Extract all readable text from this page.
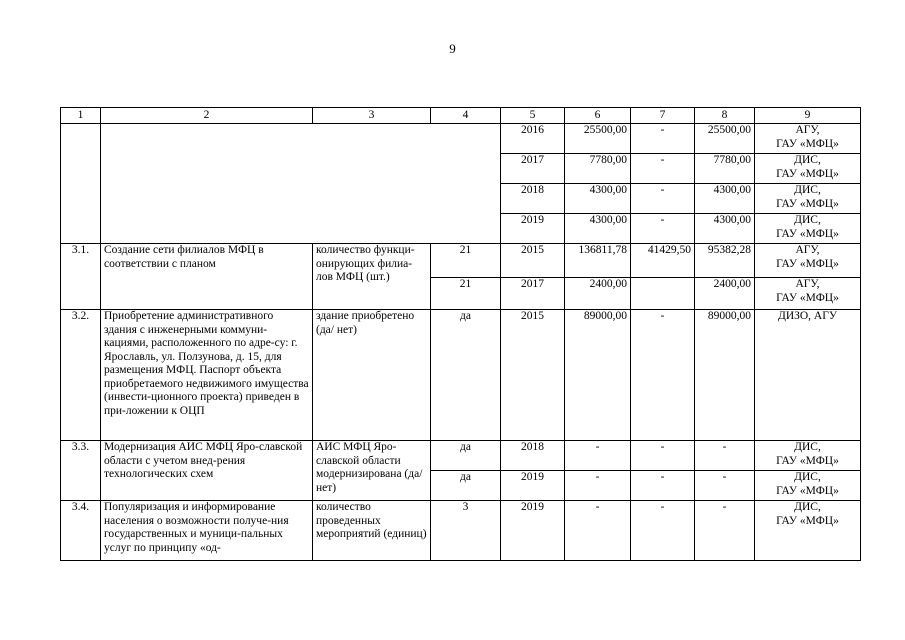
9
1	2	3	4	5	6	7	8	9
				2016	25500,00	-	25500,00	АГУ,
ГАУ «МФЦ»
				2017	7780,00	-	7780,00	ДИС,
ГАУ «МФЦ»
				2018	4300,00	-	4300,00	ДИС,
ГАУ «МФЦ»
				2019	4300,00	-	4300,00	ДИС,
ГАУ «МФЦ»
3.1.	Создание сети филиалов МФЦ в соответствии с планом	количество функци-онирующих филиа-лов МФЦ (шт.)	21	2015	136811,78	41429,50	95382,28	АГУ,
ГАУ «МФЦ»
			21	2017	2400,00		2400,00	АГУ,
ГАУ «МФЦ»
3.2.	Приобретение административного здания с инженерными коммуни-кациями, расположенного по адре-су: г. Ярославль, ул. Ползунова, д. 15, для размещения МФЦ. Паспорт объекта приобретаемого недвижимого имущества (инвести-ционного проекта) приведен в при-ложении к ОЦП	здание приобретено (да/ нет)	да	2015	89000,00	-	89000,00	ДИЗО, АГУ
3.3.	Модернизация АИС МФЦ Яро-славской области с учетом внед-рения технологических схем	АИС МФЦ Яро-славской области модернизирована (да/ нет)	да	2018	-	-	-	ДИС,
ГАУ «МФЦ»
			да	2019	-	-	-	ДИС,
ГАУ «МФЦ»
3.4.	Популяризация и информирование населения о возможности получе-ния государственных и муници-пальных услуг по принципу «од-	количество проведенных мероприятий (единиц)	3	2019	-	-	-	ДИС,
ГАУ «МФЦ»
